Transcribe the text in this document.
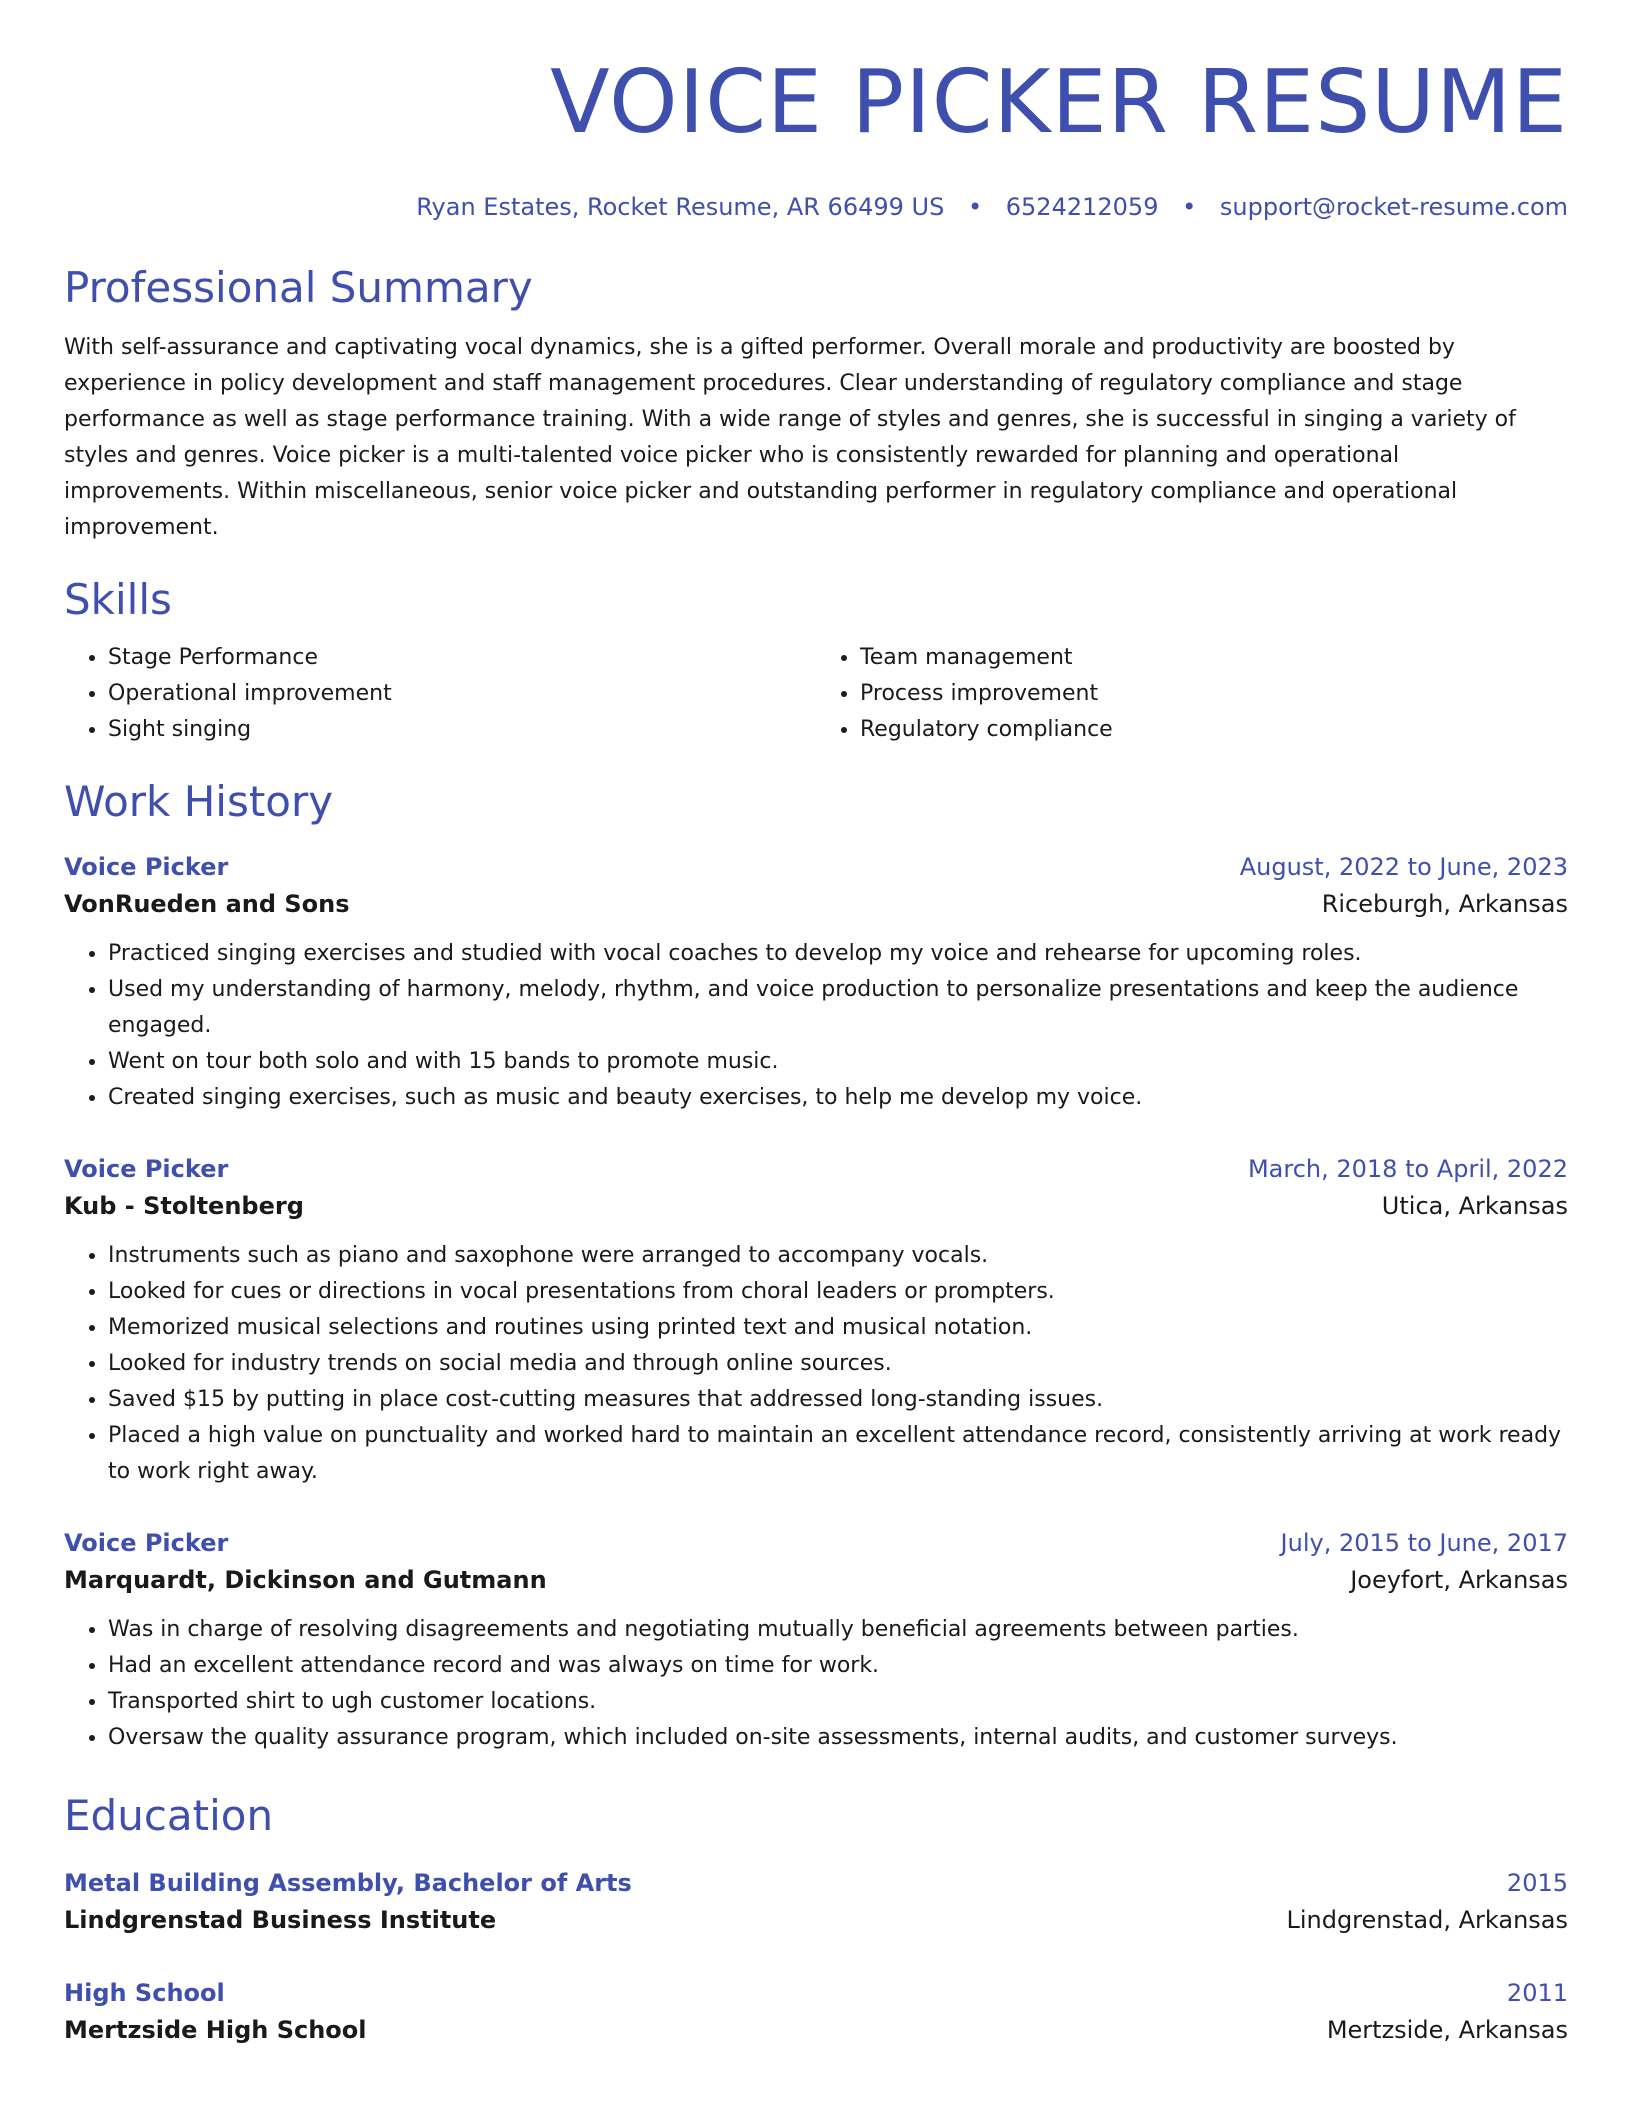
VOICE PICKER RESUME
Ryan Estates, Rocket Resume, AR 66499 US • 6524212059 • support@rocket-resume.com
Professional Summary
With self-assurance and captivating vocal dynamics, she is a gifted performer. Overall morale and productivity are boosted by experience in policy development and staff management procedures. Clear understanding of regulatory compliance and stage performance as well as stage performance training. With a wide range of styles and genres, she is successful in singing a variety of styles and genres. Voice picker is a multi-talented voice picker who is consistently rewarded for planning and operational improvements. Within miscellaneous, senior voice picker and outstanding performer in regulatory compliance and operational improvement.
Skills
• Stage Performance
• Operational improvement
• Sight singing
• Team management
• Process improvement
• Regulatory compliance
Work History
Voice Picker	August, 2022 to June, 2023
VonRueden and Sons	Riceburgh, Arkansas
• Practiced singing exercises and studied with vocal coaches to develop my voice and rehearse for upcoming roles.
• Used my understanding of harmony, melody, rhythm, and voice production to personalize presentations and keep the audience engaged.
• Went on tour both solo and with 15 bands to promote music.
• Created singing exercises, such as music and beauty exercises, to help me develop my voice.
Voice Picker	March, 2018 to April, 2022
Kub - Stoltenberg	Utica, Arkansas
• Instruments such as piano and saxophone were arranged to accompany vocals.
• Looked for cues or directions in vocal presentations from choral leaders or prompters.
• Memorized musical selections and routines using printed text and musical notation.
• Looked for industry trends on social media and through online sources.
• Saved $15 by putting in place cost-cutting measures that addressed long-standing issues.
• Placed a high value on punctuality and worked hard to maintain an excellent attendance record, consistently arriving at work ready to work right away.
Voice Picker	July, 2015 to June, 2017
Marquardt, Dickinson and Gutmann	Joeyfort, Arkansas
• Was in charge of resolving disagreements and negotiating mutually beneficial agreements between parties.
• Had an excellent attendance record and was always on time for work.
• Transported shirt to ugh customer locations.
• Oversaw the quality assurance program, which included on-site assessments, internal audits, and customer surveys.
Education
Metal Building Assembly, Bachelor of Arts	2015
Lindgrenstad Business Institute	Lindgrenstad, Arkansas
High School	2011
Mertzside High School	Mertzside, Arkansas
